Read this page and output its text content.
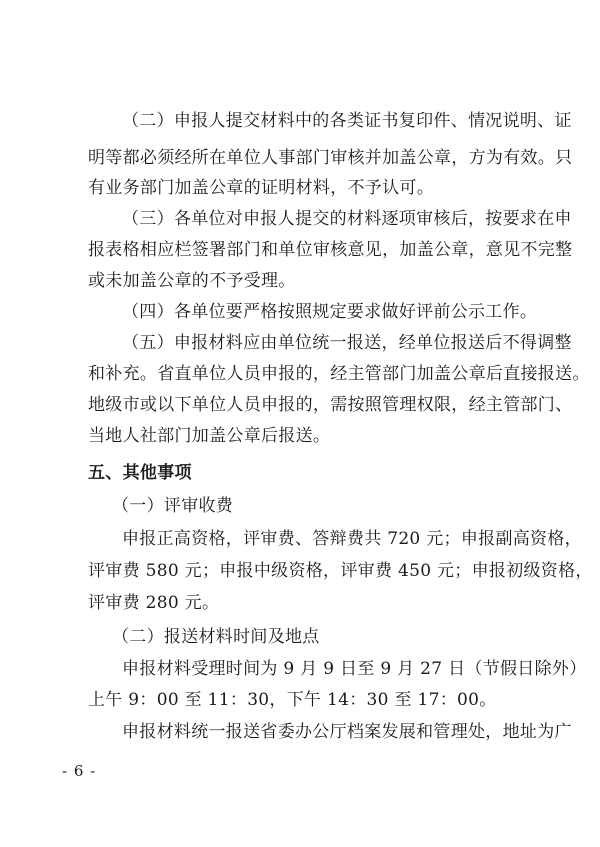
（二）申报人提交材料中的各类证书复印件、情况说明、证
明等都必须经所在单位人事部门审核并加盖公章，方为有效。只
有业务部门加盖公章的证明材料，不予认可。
（三）各单位对申报人提交的材料逐项审核后，按要求在申
报表格相应栏签署部门和单位审核意见，加盖公章，意见不完整
或未加盖公章的不予受理。
（四）各单位要严格按照规定要求做好评前公示工作。
（五）申报材料应由单位统一报送，经单位报送后不得调整
和补充。省直单位人员申报的，经主管部门加盖公章后直接报送。
地级市或以下单位人员申报的，需按照管理权限，经主管部门、
当地人社部门加盖公章后报送。
五、其他事项
（一）评审收费
申报正高资格，评审费、答辩费共 720 元；申报副高资格，
评审费 580 元；申报中级资格，评审费 450 元；申报初级资格，
评审费 280 元。
（二）报送材料时间及地点
申报材料受理时间为 9 月 9 日至 9 月 27 日（节假日除外）
上午 9：00 至 11：30，下午 14：30 至 17：00。
申报材料统一报送省委办公厅档案发展和管理处，地址为广
- 6 -
